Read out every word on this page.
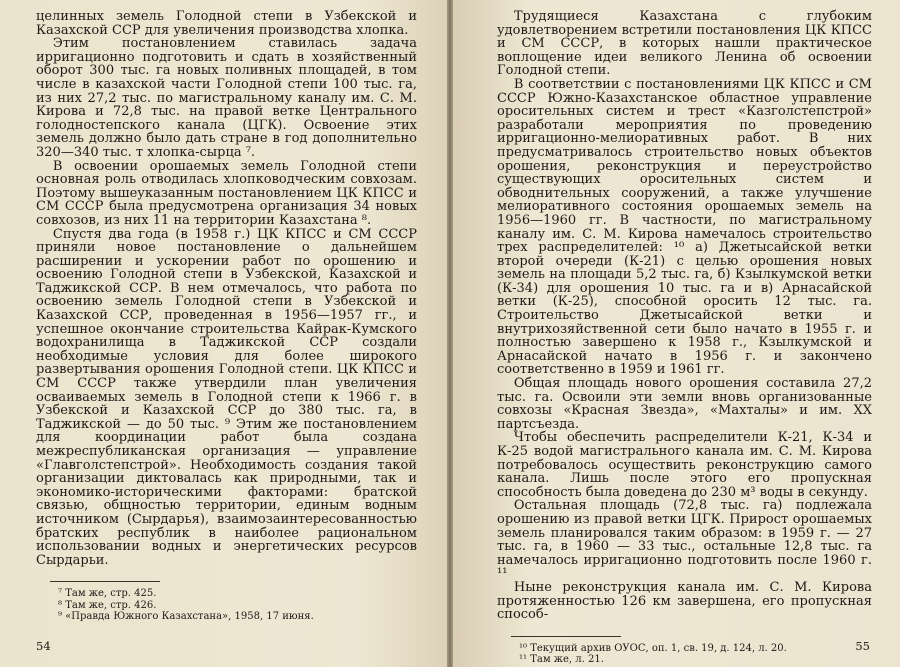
целинных земель Голодной степи в Узбекской и Казахской ССР для увеличения производства хлопка.

Этим постановлением ставилась задача ирригационно подготовить и сдать в хозяйственный оборот 300 тыс. га новых поливных площадей, в том числе в казахской части Голодной степи 100 тыс. га, из них 27,2 тыс. по магистральному каналу им. С. М. Кирова и 72,8 тыс. на правой ветке Центрального голодностепского канала (ЦГК). Освоение этих земель должно было дать стране в год дополнительно 320—340 тыс. т хлопка-сырца ⁷.

В освоении орошаемых земель Голодной степи основная роль отводилась хлопководческим совхозам. Поэтому вышеуказанным постановлением ЦК КПСС и СМ СССР была предусмотрена организация 34 новых совхозов, из них 11 на территории Казахстана ⁸.

Спустя два года (в 1958 г.) ЦК КПСС и СМ СССР приняли новое постановление о дальнейшем расширении и ускорении работ по орошению и освоению Голодной степи в Узбекской, Казахской и Таджикской ССР. В нем отмечалось, что работа по освоению земель Голодной степи в Узбекской и Казахской ССР, проведенная в 1956—1957 гг., и успешное окончание строительства Кайрак-Кумского водохранилища в Таджикской ССР создали необходимые условия для более широкого развертывания орошения Голодной степи. ЦК КПСС и СМ СССР также утвердили план увеличения осваиваемых земель в Голодной степи к 1966 г. в Узбекской и Казахской ССР до 380 тыс. га, в Таджикской — до 50 тыс. ⁹ Этим же постановлением для координации работ была создана межреспубликанская организация — управление «Главголстепстрой». Необходимость создания такой организации диктовалась как природными, так и экономико-историческими факторами: братской связью, общностью территории, единым водным источником (Сырдарья), взаимозаинтересованностью братских республик в наиболее рациональном использовании водных и энергетических ресурсов Сырдарьи.

⁷ Там же, стр. 425.
⁸ Там же, стр. 426.
⁹ «Правда Южного Казахстана», 1958, 17 июня.
54

Трудящиеся Казахстана с глубоким удовлетворением встретили постановления ЦК КПСС и СМ СССР, в которых нашли практическое воплощение идеи великого Ленина об освоении Голодной степи.

В соответствии с постановлениями ЦК КПСС и СМ СССР Южно-Казахстанское областное управление оросительных систем и трест «Казголстепстрой» разработали мероприятия по проведению ирригационно-мелиоративных работ. В них предусматривалось строительство новых объектов орошения, реконструкция и переустройство существующих оросительных систем и обводнительных сооружений, а также улучшение мелиоративного состояния орошаемых земель на 1956—1960 гг. В частности, по магистральному каналу им. С. М. Кирова намечалось строительство трех распределителей: ¹⁰ а) Джетысайской ветки второй очереди (К-21) с целью орошения новых земель на площади 5,2 тыс. га, б) Кзылкумской ветки (К-34) для орошения 10 тыс. га и в) Арнасайской ветки (К-25), способной оросить 12 тыс. га. Строительство Джетысайской ветки и внутрихозяйственной сети было начато в 1955 г. и полностью завершено к 1958 г., Кзылкумской и Арнасайской начато в 1956 г. и закончено соответственно в 1959 и 1961 гг.

Общая площадь нового орошения составила 27,2 тыс. га. Освоили эти земли вновь организованные совхозы «Красная Звезда», «Махталы» и им. XX партсъезда.

Чтобы обеспечить распределители К-21, К-34 и К-25 водой магистрального канала им. С. М. Кирова потребовалось осуществить реконструкцию самого канала. Лишь после этого его пропускная способность была доведена до 230 м³ воды в секунду.

Остальная площадь (72,8 тыс. га) подлежала орошению из правой ветки ЦГК. Прирост орошаемых земель планировался таким образом: в 1959 г. — 27 тыс. га, в 1960 — 33 тыс., остальные 12,8 тыс. га намечалось ирригационно подготовить после 1960 г. ¹¹

Ныне реконструкция канала им. С. М. Кирова протяженностью 126 км завершена, его пропускная способ-

¹⁰ Текущий архив ОУОС, оп. 1, св. 19, д. 124, л. 20.
¹¹ Там же, л. 21.
55
